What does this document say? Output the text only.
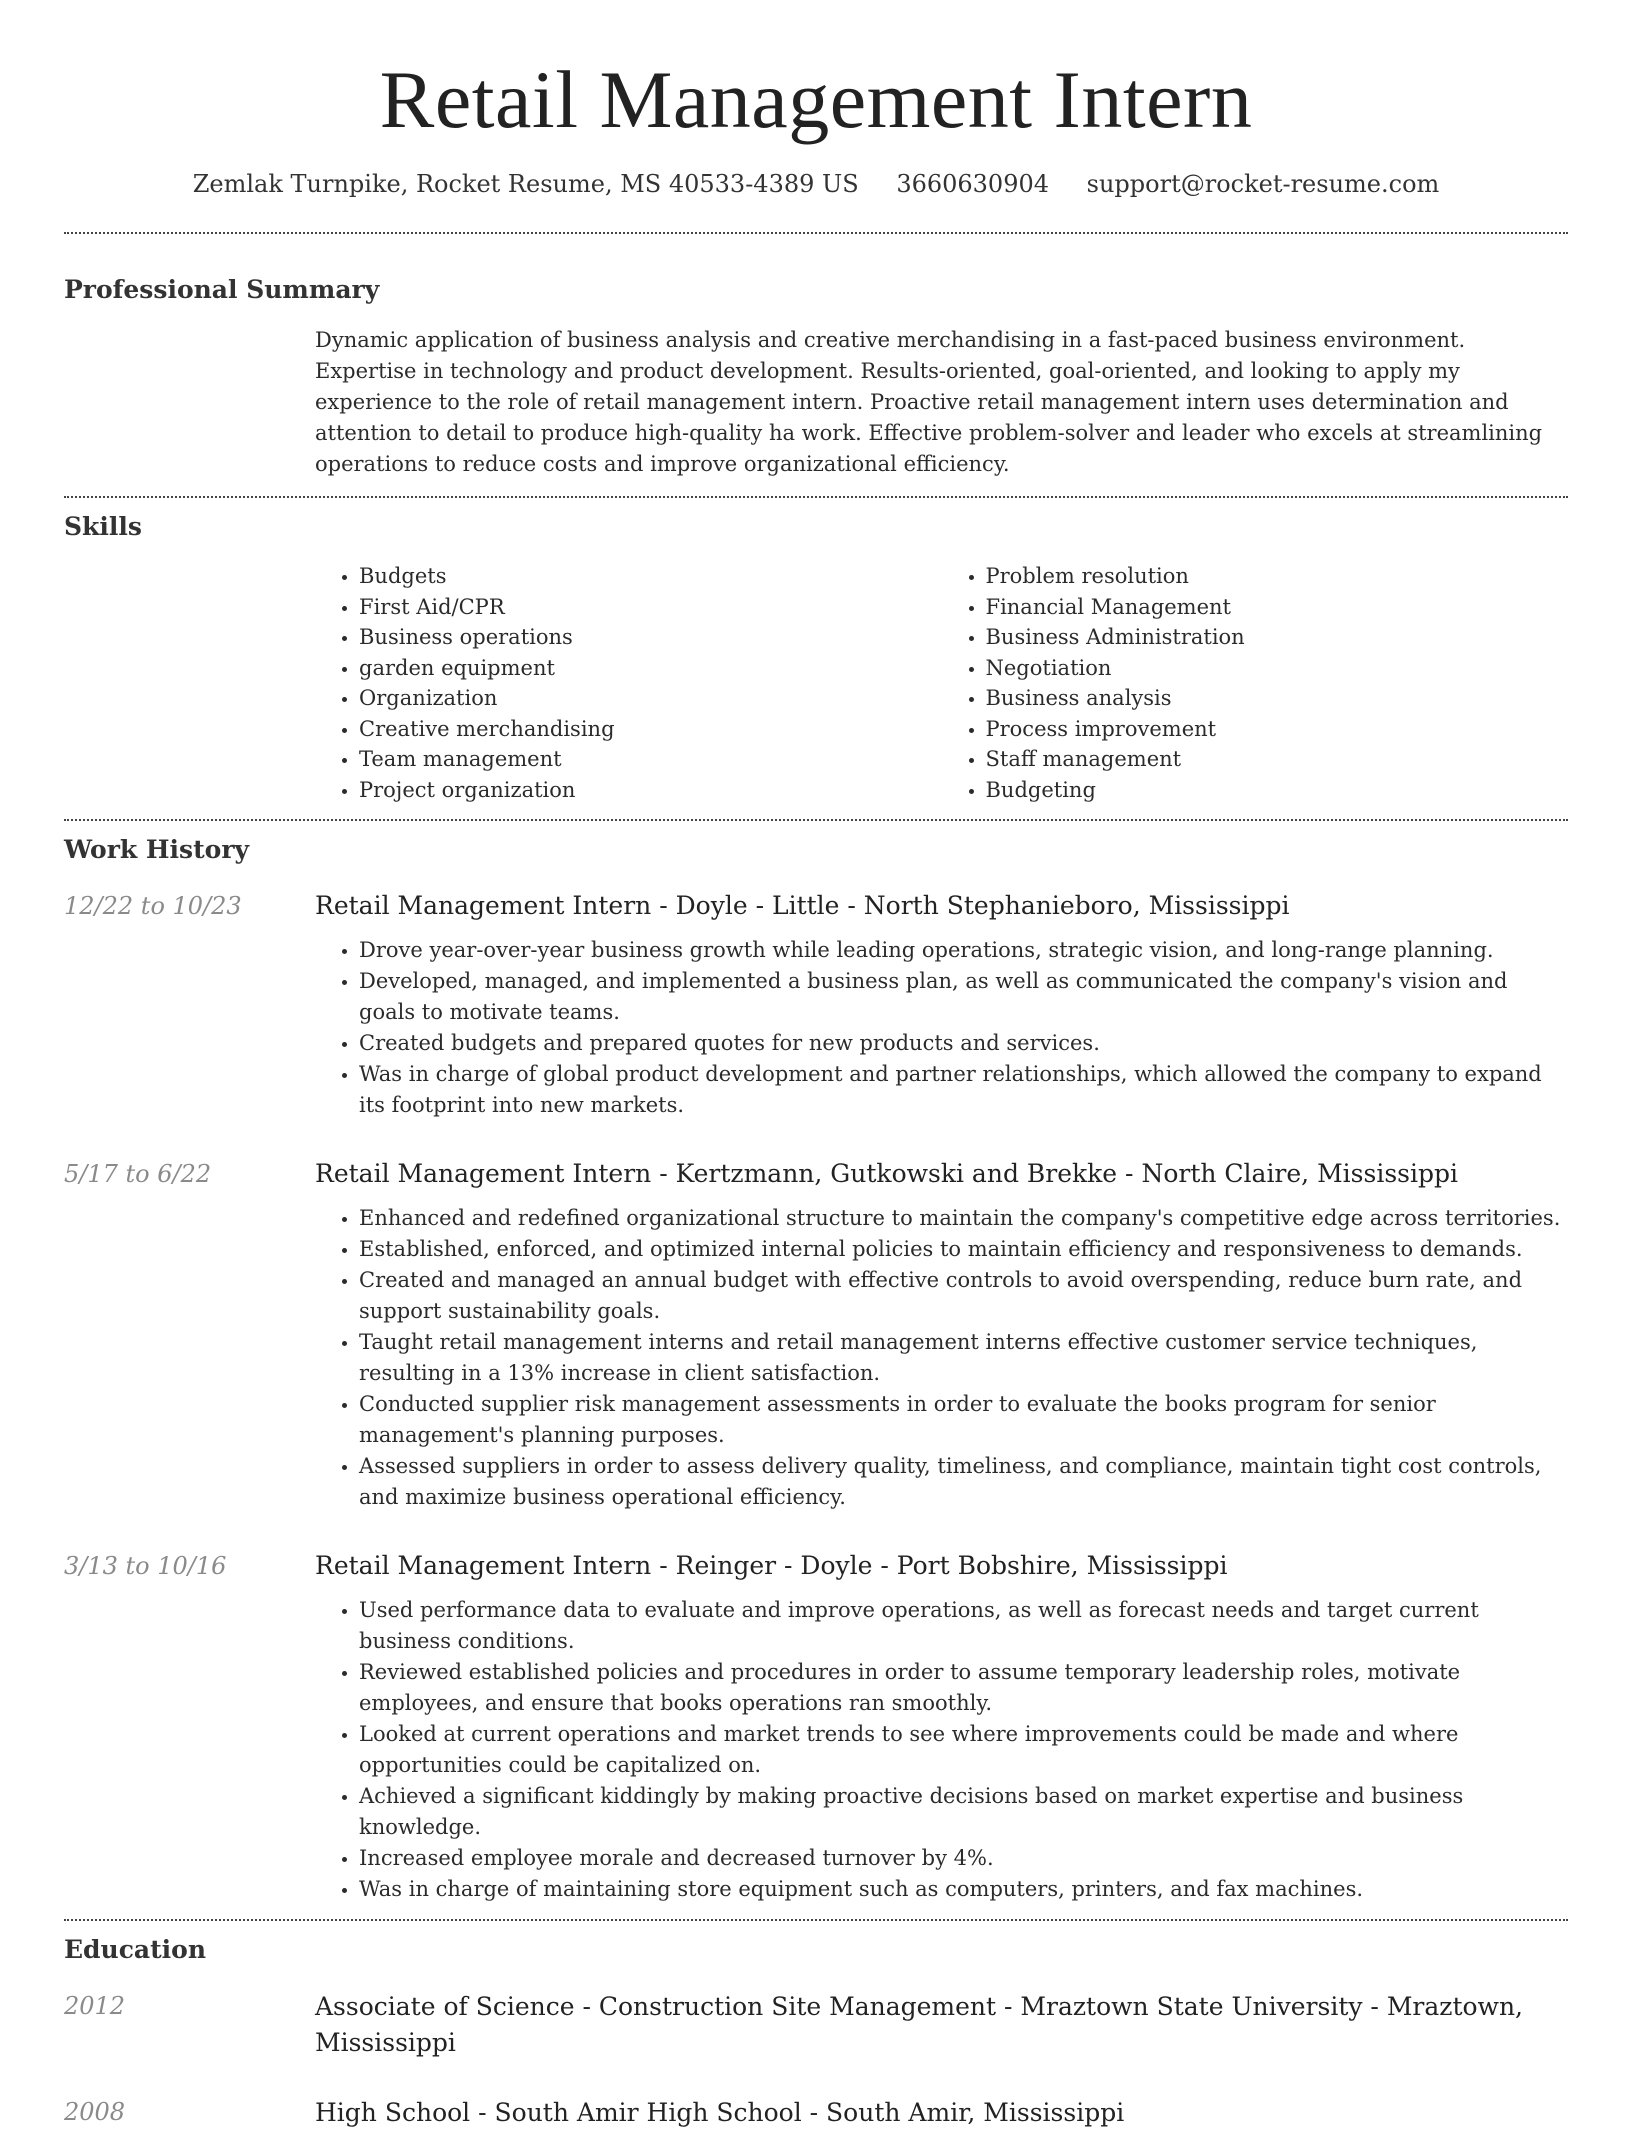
Retail Management Intern
Zemlak Turnpike, Rocket Resume, MS 40533-4389 US 3660630904 support@rocket-resume.com
Professional Summary
Dynamic application of business analysis and creative merchandising in a fast-paced business environment. Expertise in technology and product development. Results-oriented, goal-oriented, and looking to apply my experience to the role of retail management intern. Proactive retail management intern uses determination and attention to detail to produce high-quality ha work. Effective problem-solver and leader who excels at streamlining operations to reduce costs and improve organizational efficiency.
Skills
• Budgets
• First Aid/CPR
• Business operations
• garden equipment
• Organization
• Creative merchandising
• Team management
• Project organization
• Problem resolution
• Financial Management
• Business Administration
• Negotiation
• Business analysis
• Process improvement
• Staff management
• Budgeting
Work History
12/22 to 10/23	Retail Management Intern - Doyle - Little - North Stephanieboro, Mississippi
• Drove year-over-year business growth while leading operations, strategic vision, and long-range planning.
• Developed, managed, and implemented a business plan, as well as communicated the company's vision and goals to motivate teams.
• Created budgets and prepared quotes for new products and services.
• Was in charge of global product development and partner relationships, which allowed the company to expand its footprint into new markets.
5/17 to 6/22	Retail Management Intern - Kertzmann, Gutkowski and Brekke - North Claire, Mississippi
• Enhanced and redefined organizational structure to maintain the company's competitive edge across territories.
• Established, enforced, and optimized internal policies to maintain efficiency and responsiveness to demands.
• Created and managed an annual budget with effective controls to avoid overspending, reduce burn rate, and support sustainability goals.
• Taught retail management interns and retail management interns effective customer service techniques, resulting in a 13% increase in client satisfaction.
• Conducted supplier risk management assessments in order to evaluate the books program for senior management's planning purposes.
• Assessed suppliers in order to assess delivery quality, timeliness, and compliance, maintain tight cost controls, and maximize business operational efficiency.
3/13 to 10/16	Retail Management Intern - Reinger - Doyle - Port Bobshire, Mississippi
• Used performance data to evaluate and improve operations, as well as forecast needs and target current business conditions.
• Reviewed established policies and procedures in order to assume temporary leadership roles, motivate employees, and ensure that books operations ran smoothly.
• Looked at current operations and market trends to see where improvements could be made and where opportunities could be capitalized on.
• Achieved a significant kiddingly by making proactive decisions based on market expertise and business knowledge.
• Increased employee morale and decreased turnover by 4%.
• Was in charge of maintaining store equipment such as computers, printers, and fax machines.
Education
2012	Associate of Science - Construction Site Management - Mraztown State University - Mraztown, Mississippi
2008	High School - South Amir High School - South Amir, Mississippi
